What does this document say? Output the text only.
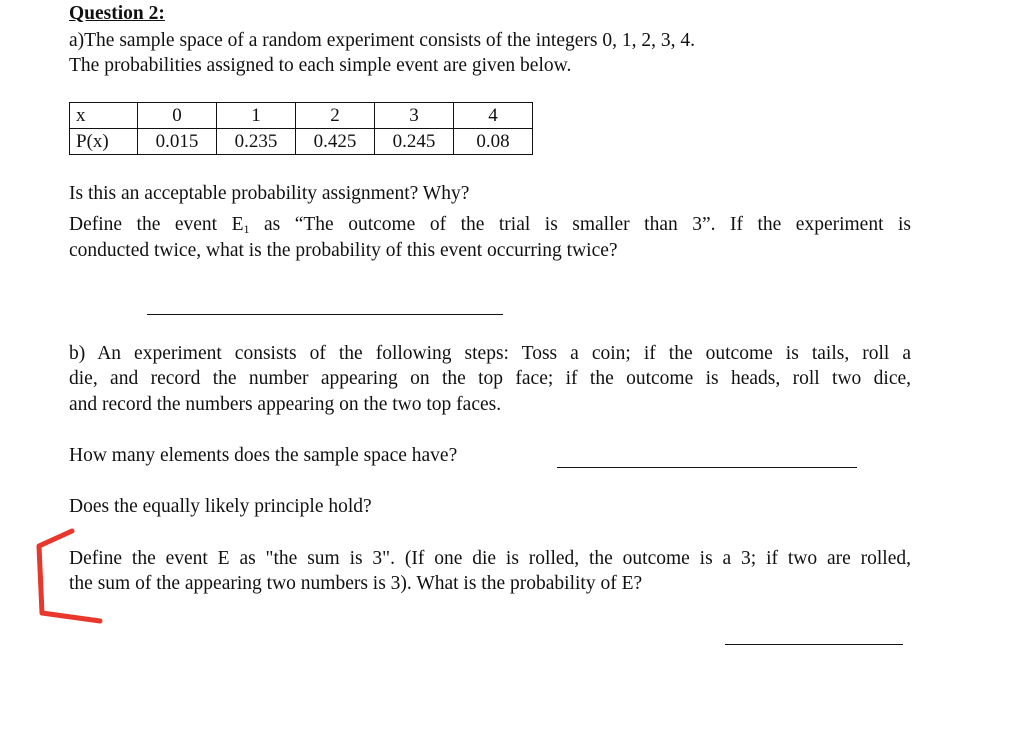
Question 2:
a)The sample space of a random experiment consists of the integers 0, 1, 2, 3, 4.
The probabilities assigned to each simple event are given below.
x	0	1	2	3	4
P(x)	0.015	0.235	0.425	0.245	0.08
Is this an acceptable probability assignment? Why?
Define the event $E_1$ as “The outcome of the trial is smaller than 3”. If the experiment is
conducted twice, what is the probability of this event occurring twice?
b) An experiment consists of the following steps: Toss a coin; if the outcome is tails, roll a
die, and record the number appearing on the top face; if the outcome is heads, roll two dice,
and record the numbers appearing on the two top faces.
How many elements does the sample space have?
Does the equally likely principle hold?
Define the event E as "the sum is 3". (If one die is rolled, the outcome is a 3; if two are rolled,
the sum of the appearing two numbers is 3). What is the probability of E?
